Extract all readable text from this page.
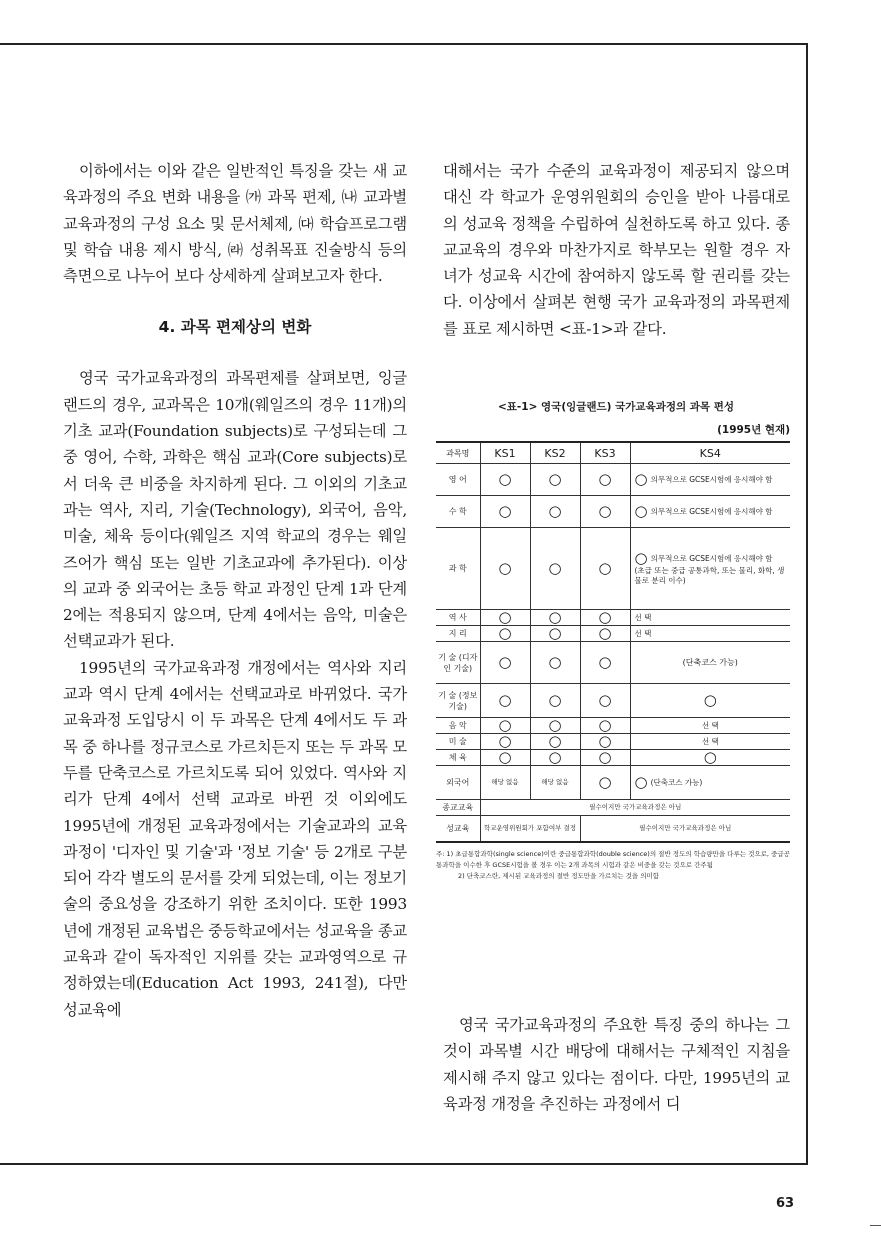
이하에서는 이와 같은 일반적인 특징을 갖는 새 교육과정의 주요 변화 내용을 ㈎ 과목 편제, ㈏ 교과별 교육과정의 구성 요소 및 문서체제, ㈐ 학습프로그램 및 학습 내용 제시 방식, ㈑ 성취목표 진술방식 등의 측면으로 나누어 보다 상세하게 살펴보고자 한다.

4. 과목 편제상의 변화

영국 국가교육과정의 과목편제를 살펴보면, 잉글랜드의 경우, 교과목은 10개(웨일즈의 경우 11개)의 기초 교과(Foundation subjects)로 구성되는데 그 중 영어, 수학, 과학은 핵심 교과(Core subjects)로서 더욱 큰 비중을 차지하게 된다. 그 이외의 기초교과는 역사, 지리, 기술(Technology), 외국어, 음악, 미술, 체육 등이다(웨일즈 지역 학교의 경우는 웨일즈어가 핵심 또는 일반 기초교과에 추가된다). 이상의 교과 중 외국어는 초등 학교 과정인 단계 1과 단계 2에는 적용되지 않으며, 단계 4에서는 음악, 미술은 선택교과가 된다.

1995년의 국가교육과정 개정에서는 역사와 지리 교과 역시 단계 4에서는 선택교과로 바뀌었다. 국가교육과정 도입당시 이 두 과목은 단계 4에서도 두 과목 중 하나를 정규코스로 가르치든지 또는 두 과목 모두를 단축코스로 가르치도록 되어 있었다. 역사와 지리가 단계 4에서 선택 교과로 바뀐 것 이외에도 1995년에 개정된 교육과정에서는 기술교과의 교육과정이 '디자인 및 기술'과 '정보 기술' 등 2개로 구분되어 각각 별도의 문서를 갖게 되었는데, 이는 정보기술의 중요성을 강조하기 위한 조치이다. 또한 1993년에 개정된 교육법은 중등학교에서는 성교육을 종교교육과 같이 독자적인 지위를 갖는 교과영역으로 규정하였는데(Education Act 1993, 241절), 다만 성교육에

대해서는 국가 수준의 교육과정이 제공되지 않으며 대신 각 학교가 운영위원회의 승인을 받아 나름대로의 성교육 정책을 수립하여 실천하도록 하고 있다. 종교교육의 경우와 마찬가지로 학부모는 원할 경우 자녀가 성교육 시간에 참여하지 않도록 할 권리를 갖는다. 이상에서 살펴본 현행 국가 교육과정의 과목편제를 표로 제시하면 <표-1>과 같다.

<표-1> 영국(잉글랜드) 국가교육과정의 과목 편성
(1995년 현재)
과목명	KS1	KS2	KS3	KS4
영 어	○	○	○	○ 의무적으로 GCSE시험에 응시해야 함

수 학	○	○	○	○ 의무적으로 GCSE시험에 응시해야 함

과 학	○	○	○	○ 의무적으로 GCSE시험에 응시해야 함
(초급 또는 중급 공통과학, 또는 물리, 화학, 생물로 분리 이수)

역 사	○	○	○	선 택
지 리	○	○	○	선 택
기 술 (디자인 기술)	○	○	○	(단축코스 가능)
기 술 (정보기술)	○	○	○	○
음 악	○	○	○	선 택
미 술	○	○	○	선 택
체 육	○	○	○	○
외국어	해당 없음	해당 없음	○	○ (단축코스 가능)

종교교육	필수이지만 국가교육과정은 아님			
성교육	학교운영위원회가 포함여부 결정		필수이지만 국가교육과정은 아님	
주: 1) 초급통합과학(single science)이란 중급통합과학(double science)의 절반 정도의 학습량만을 다루는 것으로, 중급공통과학을 이수한 후 GCSE시험을 볼 경우 이는 2개 과목의 시험과 같은 비중을 갖는 것으로 간주됨
2) 단축코스란, 제시된 교육과정의 절반 정도만을 가르치는 것을 의미함

영국 국가교육과정의 주요한 특징 중의 하나는 그것이 과목별 시간 배당에 대해서는 구체적인 지침을 제시해 주지 않고 있다는 점이다. 다만, 1995년의 교육과정 개정을 추진하는 과정에서 디

63
